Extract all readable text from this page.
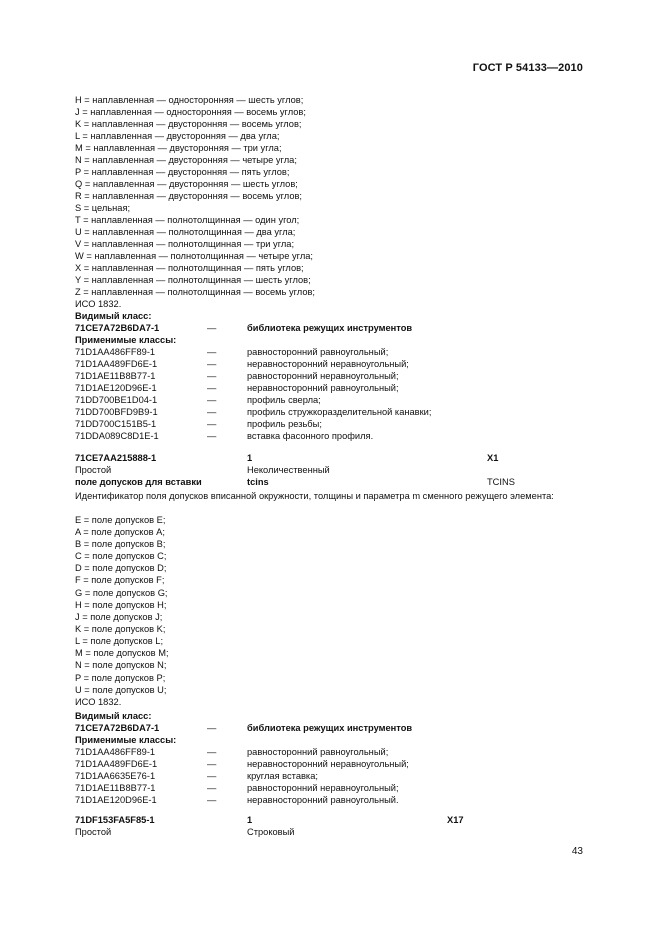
ГОСТ Р 54133—2010
H = наплавленная — односторонняя — шесть углов;
J = наплавленная — односторонняя — восемь углов;
K = наплавленная — двусторонняя — восемь углов;
L = наплавленная — двусторонняя — два угла;
M = наплавленная — двусторонняя — три угла;
N = наплавленная — двусторонняя — четыре угла;
P = наплавленная — двусторонняя — пять углов;
Q = наплавленная — двусторонняя — шесть углов;
R = наплавленная — двусторонняя — восемь углов;
S = цельная;
T = наплавленная — полнотолщинная — один угол;
U = наплавленная — полнотолщинная — два угла;
V = наплавленная — полнотолщинная — три угла;
W = наплавленная — полнотолщинная — четыре угла;
X = наплавленная — полнотолщинная — пять углов;
Y = наплавленная — полнотолщинная — шесть углов;
Z = наплавленная — полнотолщинная — восемь углов;
ИСО 1832.
Видимый класс:
71CE7A72B6DA7-1	—	библиотека режущих инструментов
Применимые классы:
71D1AA486FF89-1	—	равносторонний равноугольный;
71D1AA489FD6E-1	—	неравносторонний неравноугольный;
71D1AE11B8B77-1	—	равносторонний неравноугольный;
71D1AE120D96E-1	—	неравносторонний равноугольный;
71DD700BE1D04-1	—	профиль сверла;
71DD700BFD9B9-1	—	профиль стружкоразделительной канавки;
71DD700C151B5-1	—	профиль резьбы;
71DDA089C8D1E-1	—	вставка фасонного профиля.
71CE7AA215888-1	1	X1
Простой	Неколичественный
поле допусков для вставки	tcins	TCINS
Идентификатор поля допусков вписанной окружности, толщины и параметра m сменного режущего элемента:
E = поле допусков E;
A = поле допусков A;
B = поле допусков B;
C = поле допусков C;
D = поле допусков D;
F = поле допусков F;
G = поле допусков G;
H = поле допусков H;
J = поле допусков J;
K = поле допусков K;
L = поле допусков L;
M = поле допусков M;
N = поле допусков N;
P = поле допусков P;
U = поле допусков U;
ИСО 1832.
Видимый класс:
71CE7A72B6DA7-1	—	библиотека режущих инструментов
Применимые классы:
71D1AA486FF89-1	—	равносторонний равноугольный;
71D1AA489FD6E-1	—	неравносторонний неравноугольный;
71D1AA6635E76-1	—	круглая вставка;
71D1AE11B8B77-1	—	равносторонний неравноугольный;
71D1AE120D96E-1	—	неравносторонний равноугольный.
71DF153FA5F85-1	1	X17
Простой	Строковый
43
